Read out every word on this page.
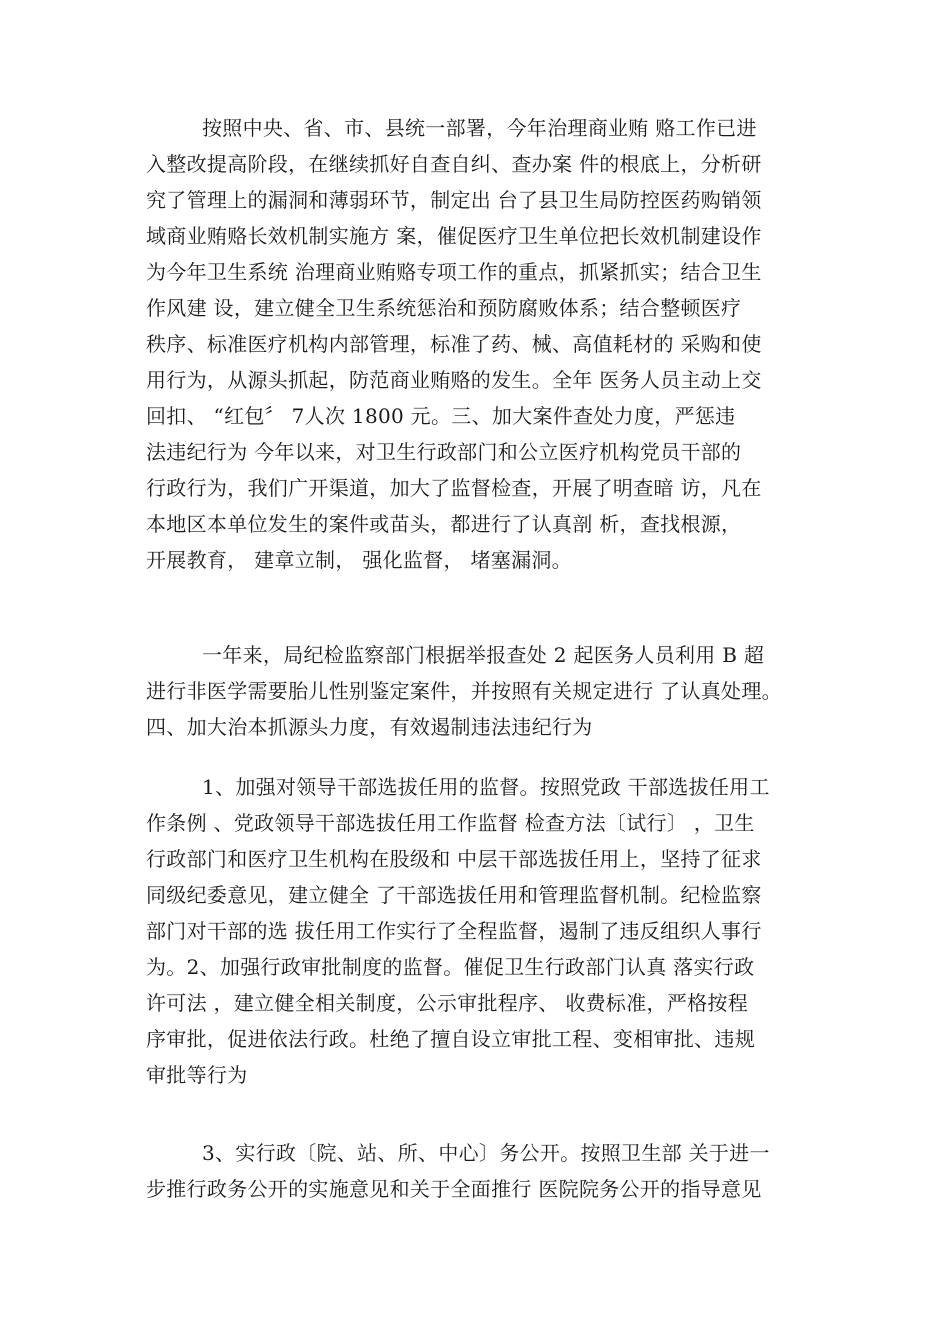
按照中央、省、市、县统一部署，今年治理商业贿 赂工作已进
入整改提高阶段，在继续抓好自查自纠、查办案 件的根底上，分析研
究了管理上的漏洞和薄弱环节，制定出 台了县卫生局防控医药购销领
域商业贿赂长效机制实施方 案，催促医疗卫生单位把长效机制建设作
为今年卫生系统 治理商业贿赂专项工作的重点，抓紧抓实；结合卫生
作风建 设，建立健全卫生系统惩治和预防腐败体系；结合整顿医疗
秩序、标准医疗机构内部管理，标准了药、械、高值耗材的 采购和使
用行为，从源头抓起，防范商业贿赂的发生。全年 医务人员主动上交
回扣、 “红包〞 7人次 1800 元。三、加大案件查处力度，严惩违
法违纪行为 今年以来，对卫生行政部门和公立医疗机构党员干部的
行政行为，我们广开渠道，加大了监督检查，开展了明查暗 访，凡在
本地区本单位发生的案件或苗头，都进行了认真剖 析，查找根源，
开展教育， 建章立制， 强化监督， 堵塞漏洞。
一年来，局纪检监察部门根据举报查处 2 起医务人员利用 B 超
进行非医学需要胎儿性别鉴定案件，并按照有关规定进行 了认真处理。
四、加大治本抓源头力度，有效遏制违法违纪行为
1、加强对领导干部选拔任用的监督。按照党政 干部选拔任用工
作条例 、党政领导干部选拔任用工作监督 检查方法〔试行〕 ，卫生
行政部门和医疗卫生机构在股级和 中层干部选拔任用上，坚持了征求
同级纪委意见，建立健全 了干部选拔任用和管理监督机制。纪检监察
部门对干部的选 拔任用工作实行了全程监督，遏制了违反组织人事行
为。2、加强行政审批制度的监督。催促卫生行政部门认真 落实行政
许可法 ，建立健全相关制度，公示审批程序、 收费标准，严格按程
序审批，促进依法行政。杜绝了擅自设立审批工程、变相审批、违规
审批等行为
3、实行政〔院、站、所、中心〕务公开。按照卫生部 关于进一
步推行政务公开的实施意见和关于全面推行 医院院务公开的指导意见
